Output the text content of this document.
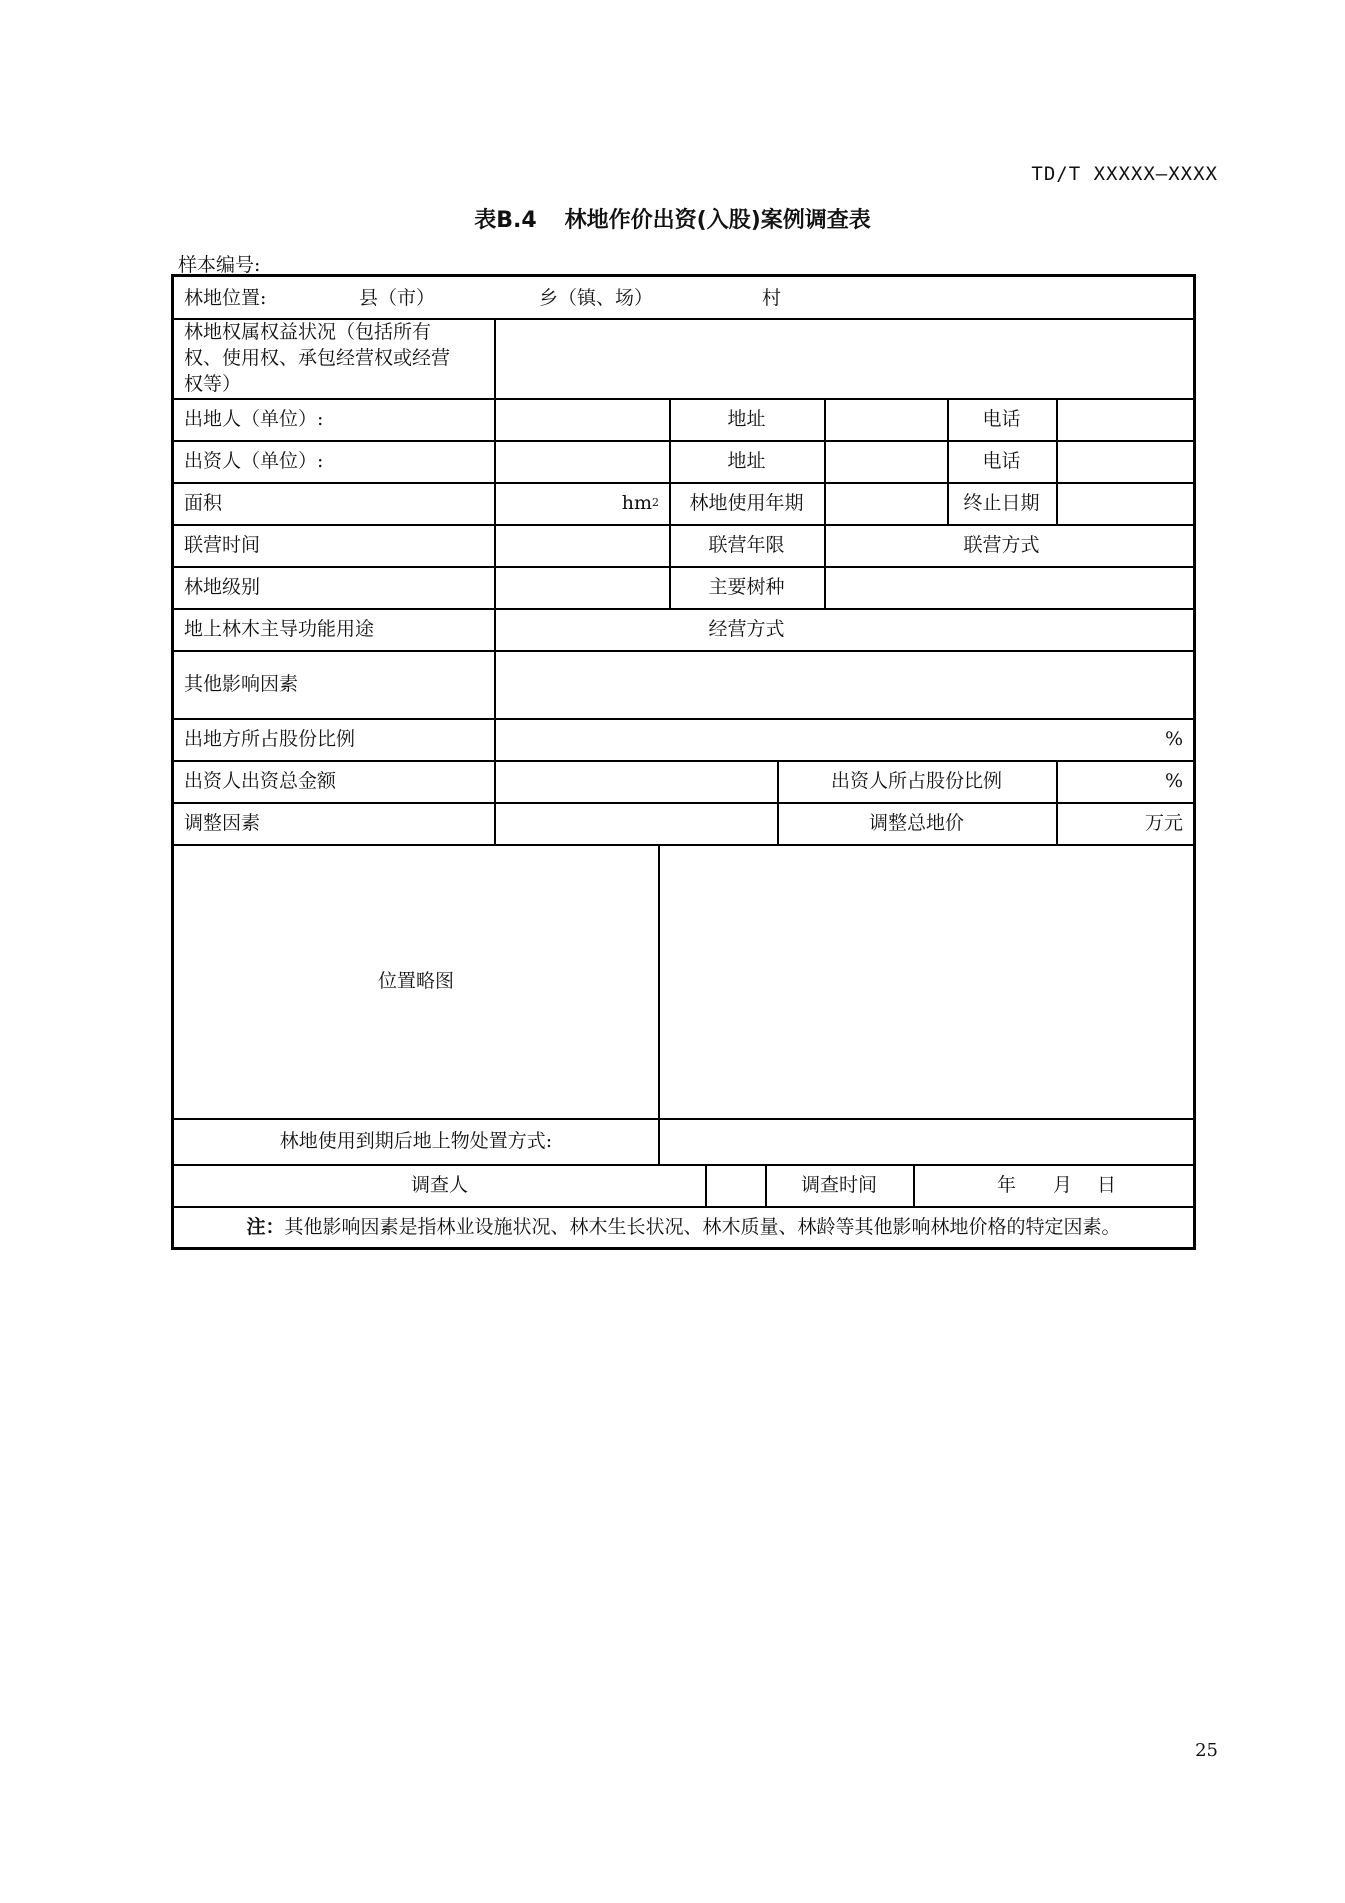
TD/T XXXXX—XXXX
表B.4 林地作价出资(入股)案例调查表
样本编号:
林地位置:	县（市）	乡（镇、场）	村
林地权属权益状况（包括所有
权、使用权、承包经营权或经营
权等）
出地人（单位）:	地址	电话
出资人（单位）:	地址	电话
面积	hm 2	林地使用年期	终止日期
联营时间	联营年限	联营方式
林地级别	主要树种
地上林木主导功能用途	经营方式
其他影响因素
出地方所占股份比例	%
出资人出资总金额	出资人所占股份比例	%
调整因素	调整总地价	万元
位置略图
林地使用到期后地上物处置方式:
调查人	调查时间	年 月 日
注： 其他影响因素是指林业设施状况、林木生长状况、林木质量、林龄等其他影响林地价格的特定因素。
25
